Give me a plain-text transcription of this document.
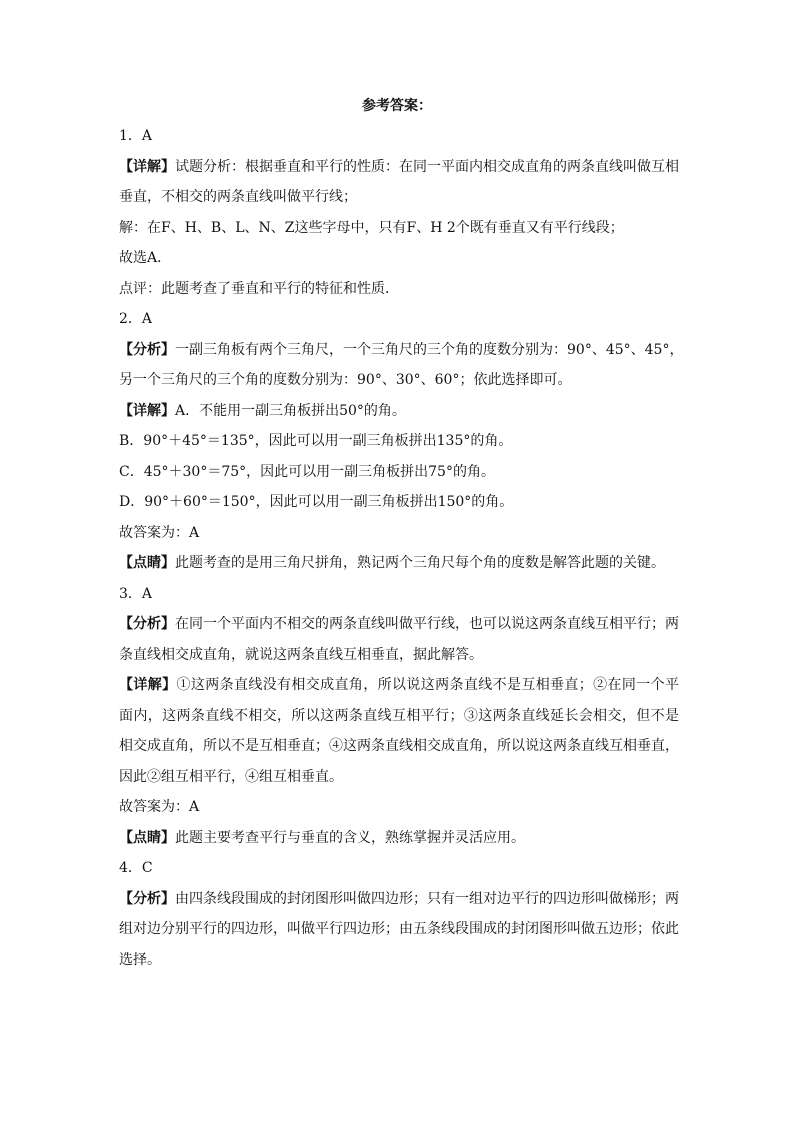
参考答案：
1．A
【详解】试题分析：根据垂直和平行的性质：在同一平面内相交成直角的两条直线叫做互相
垂直，不相交的两条直线叫做平行线；
解：在F、H、B、L、N、Z这些字母中，只有F、H 2个既有垂直又有平行线段；
故选A．
点评：此题考查了垂直和平行的特征和性质．
2．A
【分析】一副三角板有两个三角尺，一个三角尺的三个角的度数分别为：90°、45°、45°，
另一个三角尺的三个角的度数分别为：90°、30°、60°；依此选择即可。
【详解】A．不能用一副三角板拼出50°的角。
B．90°＋45°＝135°，因此可以用一副三角板拼出135°的角。
C．45°＋30°＝75°，因此可以用一副三角板拼出75°的角。
D．90°＋60°＝150°，因此可以用一副三角板拼出150°的角。
故答案为：A
【点睛】此题考查的是用三角尺拼角，熟记两个三角尺每个角的度数是解答此题的关键。
3．A
【分析】在同一个平面内不相交的两条直线叫做平行线，也可以说这两条直线互相平行；两
条直线相交成直角，就说这两条直线互相垂直，据此解答。
【详解】①这两条直线没有相交成直角，所以说这两条直线不是互相垂直；②在同一个平
面内，这两条直线不相交，所以这两条直线互相平行；③这两条直线延长会相交，但不是
相交成直角，所以不是互相垂直；④这两条直线相交成直角，所以说这两条直线互相垂直，
因此②组互相平行，④组互相垂直。
故答案为：A
【点睛】此题主要考查平行与垂直的含义，熟练掌握并灵活应用。
4．C
【分析】由四条线段围成的封闭图形叫做四边形；只有一组对边平行的四边形叫做梯形；两
组对边分别平行的四边形，叫做平行四边形；由五条线段围成的封闭图形叫做五边形；依此
选择。
